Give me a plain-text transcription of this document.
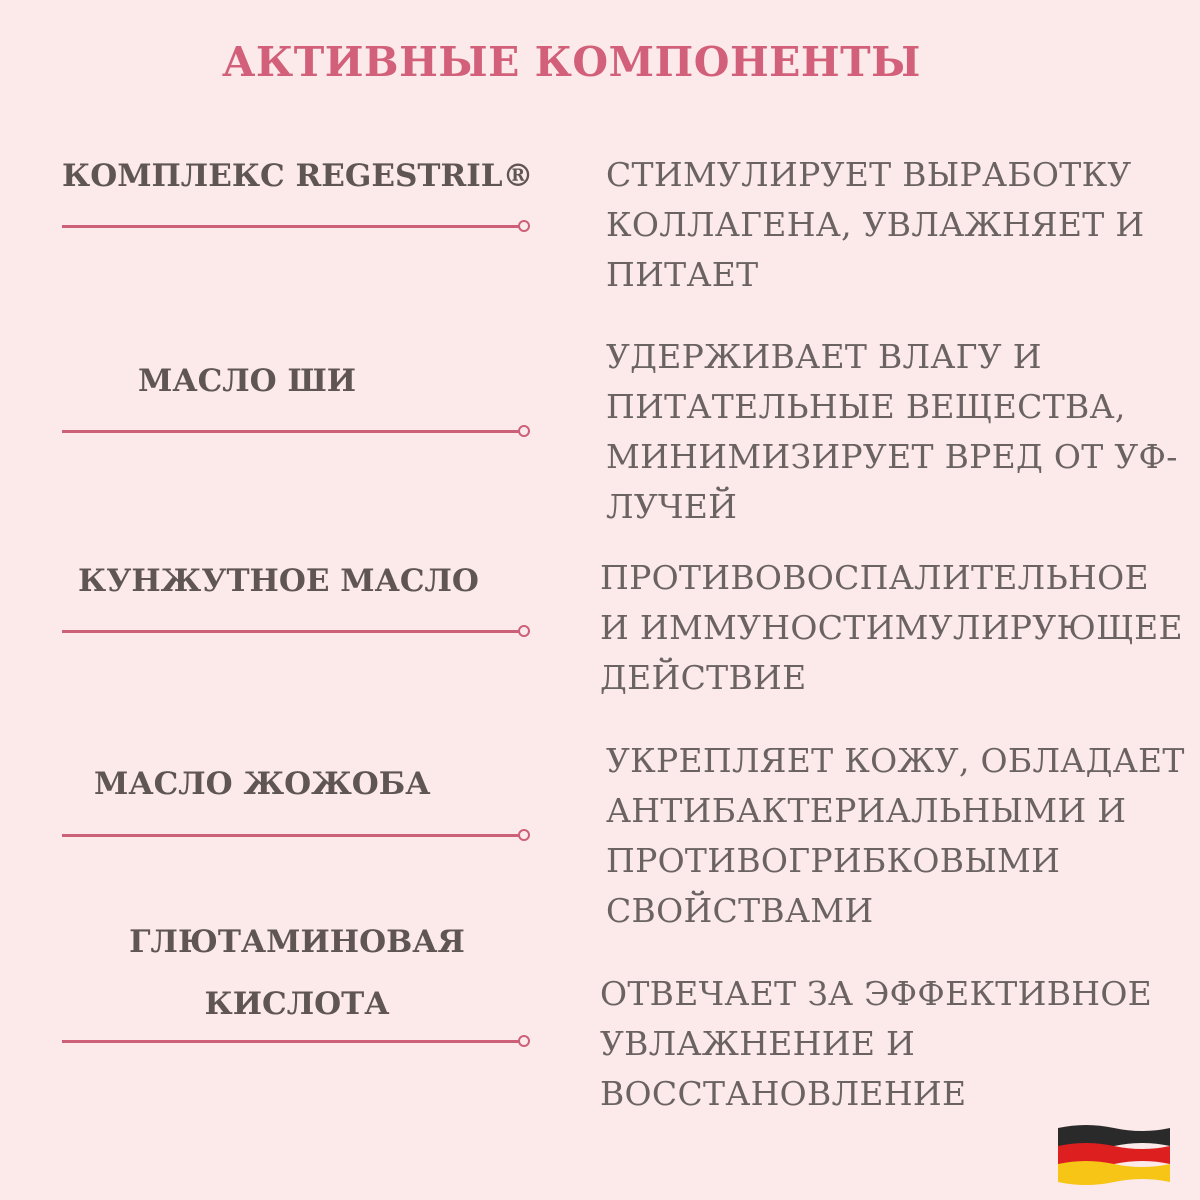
АКТИВНЫЕ КОМПОНЕНТЫ
КОМПЛЕКС REGESTRIL® СТИМУЛИРУЕТ ВЫРАБОТКУ
КОЛЛАГЕНА, УВЛАЖНЯЕТ И
ПИТАЕТ
МАСЛО ШИ
УДЕРЖИВАЕТ ВЛАГУ И
ПИТАТЕЛЬНЫЕ ВЕЩЕСТВА,
МИНИМИЗИРУЕТ ВРЕД ОТ УФ-
ЛУЧЕЙ
КУНЖУТНОЕ МАСЛО	ПРОТИВОВОСПАЛИТЕЛЬНОЕ
И ИММУНОСТИМУЛИРУЮЩЕЕ
ДЕЙСТВИЕ
МАСЛО ЖОЖОБА
УКРЕПЛЯЕТ КОЖУ, ОБЛАДАЕТ
АНТИБАКТЕРИАЛЬНЫМИ И
ПРОТИВОГРИБКОВЫМИ
СВОЙСТВАМИ
ГЛЮТАМИНОВАЯ
КИСЛОТА	ОТВЕЧАЕТ ЗА ЭФФЕКТИВНОЕ
УВЛАЖНЕНИЕ И
ВОССТАНОВЛЕНИЕ
